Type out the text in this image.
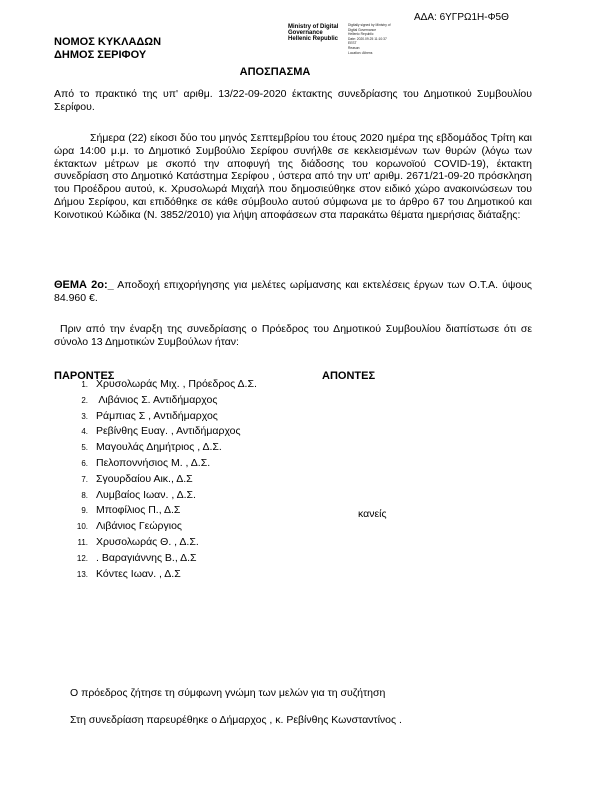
ΑΔΑ: 6ΥΓΡΩ1Η-Φ5Θ
ΝΟΜΟΣ ΚΥΚΛΑΔΩΝ
ΔΗΜΟΣ ΣΕΡΙΦΟΥ
Ministry of Digital
Governance
Hellenic Republic
Digitally signed by Ministry of
Digital Governance
Hellenic Republic
Date: 2020.09.25 11:10:37
EEST
Reason:
Location: Athens
ΑΠΟΣΠΑΣΜΑ
Από το πρακτικό της υπ' αριθμ. 13/22-09-2020 έκτακτης συνεδρίασης του Δημοτικού Συμβουλίου Σερίφου.
Σήμερα (22) είκοσι δύο του μηνός Σεπτεμβρίου του έτους 2020 ημέρα της εβδομάδος Τρίτη και ώρα 14:00 μ.μ. το Δημοτικό Συμβούλιο Σερίφου συνήλθε σε κεκλεισμένων των θυρών (λόγω των έκτακτων μέτρων με σκοπό την αποφυγή της διάδοσης του κορωνοϊού COVID-19), έκτακτη συνεδρίαση στο Δημοτικό Κατάστημα Σερίφου , ύστερα από την υπ' αριθμ. 2671/21-09-20 πρόσκληση του Προέδρου αυτού, κ. Χρυσολωρά Μιχαήλ που δημοσιεύθηκε στον ειδικό χώρο ανακοινώσεων του Δήμου Σερίφου, και επιδόθηκε σε κάθε σύμβουλο αυτού σύμφωνα με το άρθρο 67 του Δημοτικού και Κοινοτικού Κώδικα (Ν. 3852/2010) για λήψη αποφάσεων στα παρακάτω θέματα ημερήσιας διάταξης:
ΘΕΜΑ 2ο:_ Αποδοχή επιχορήγησης για μελέτες ωρίμανσης και εκτελέσεις έργων των Ο.Τ.Α. ύψους 84.960 €.
Πριν από την έναρξη της συνεδρίασης ο Πρόεδρος του Δημοτικού Συμβουλίου διαπίστωσε ότι σε σύνολο 13 Δημοτικών Συμβούλων ήταν:
ΠΑΡΟΝΤΕΣ	ΑΠΟΝΤΕΣ
1. Χρυσολωράς Μιχ. , Πρόεδρος Δ.Σ.
2. Λιβάνιος Σ. Αντιδήμαρχος
3. Ράμπιας Σ , Αντιδήμαρχος
4. Ρεβίνθης Ευαγ. , Αντιδήμαρχος
5. Μαγουλάς Δημήτριος , Δ.Σ.
6. Πελοποννήσιος Μ. , Δ.Σ.
7. Σγουρδαίου Αικ., Δ.Σ
8. Λυμβαίος Ιωαν. , Δ.Σ.
9. Μποφίλιος Π., Δ.Σ
10. Λιβάνιος Γεώργιος
11. Χρυσολωράς Θ. , Δ.Σ.
12. . Βαραγιάννης Β., Δ.Σ
13. Κόντες Ιωαν. , Δ.Σ
κανείς
Ο πρόεδρος ζήτησε τη σύμφωνη γνώμη των μελών για τη συζήτηση
Στη συνεδρίαση παρευρέθηκε ο Δήμαρχος , κ. Ρεβίνθης Κωνσταντίνος .
